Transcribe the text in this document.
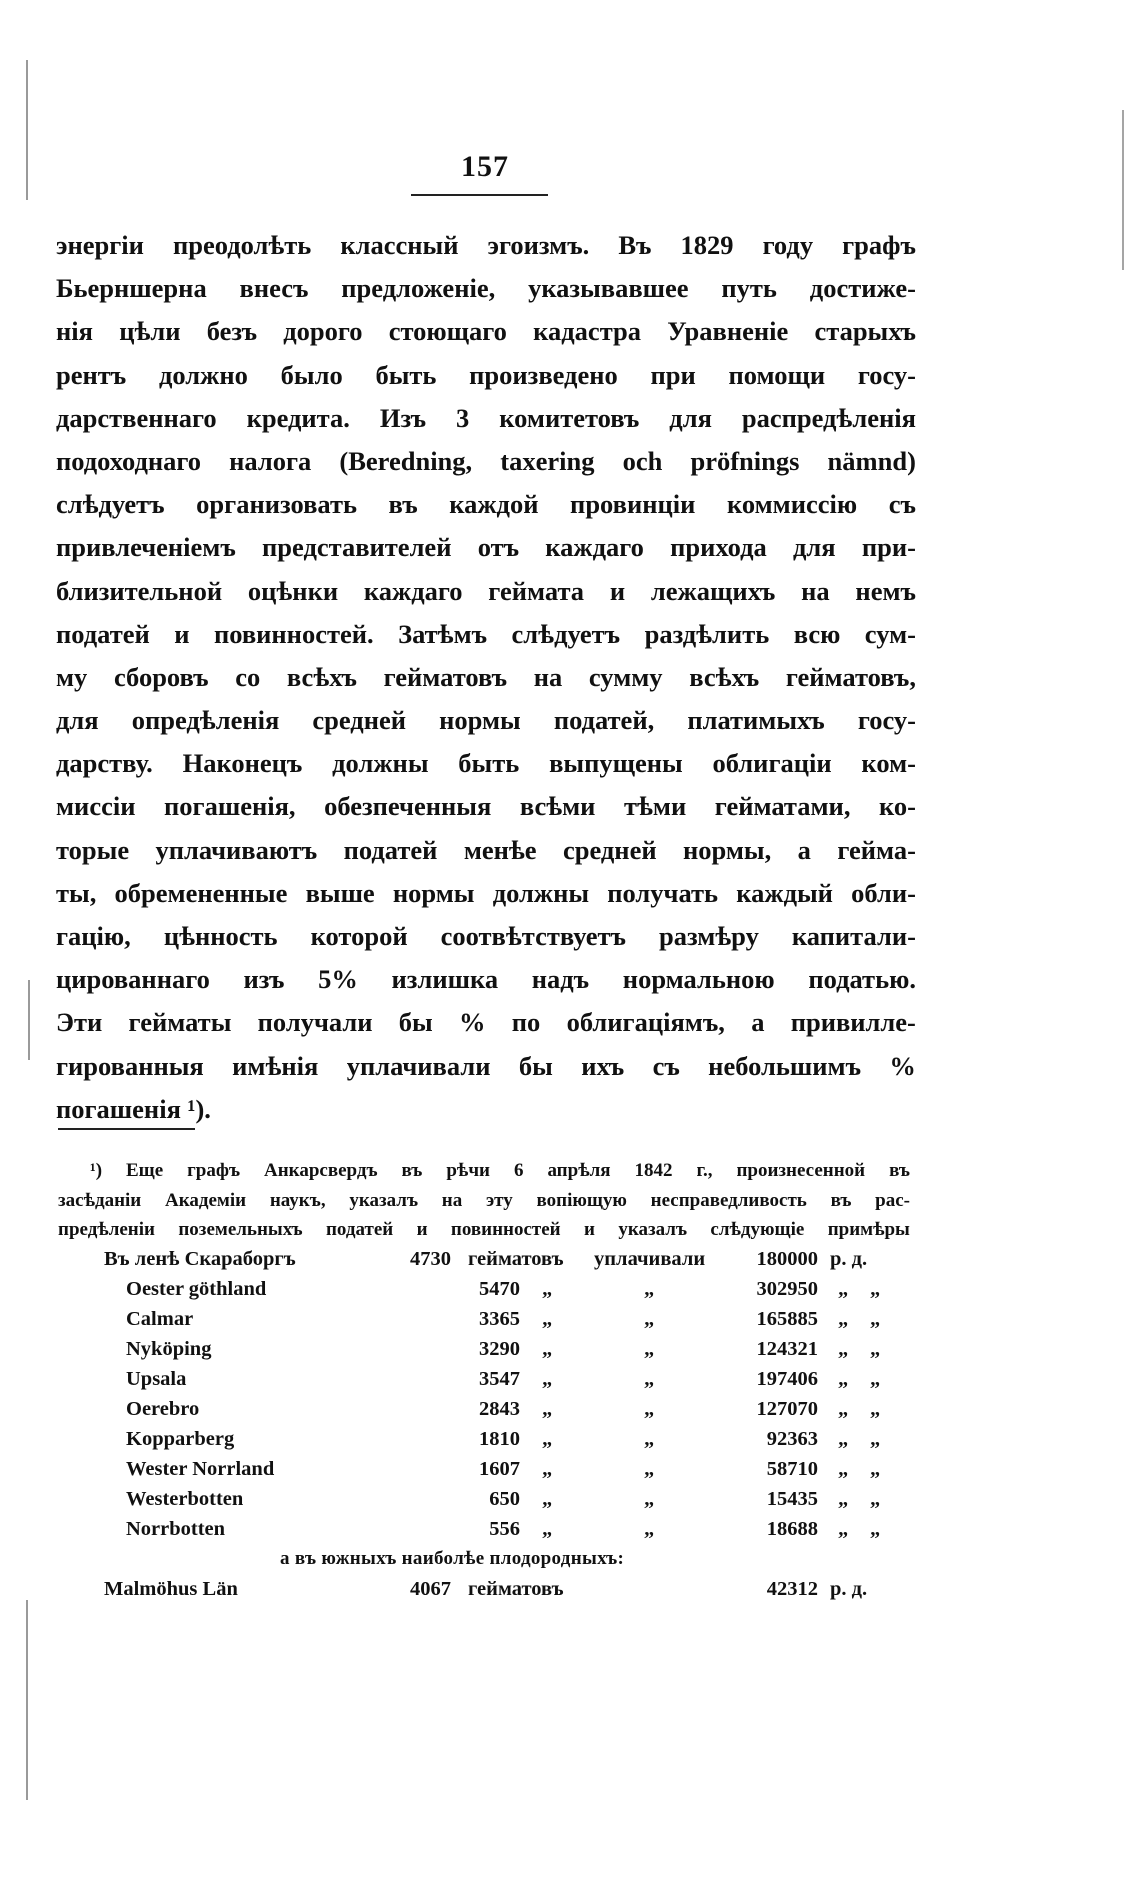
157
энергіи преодолѣть классный эгоизмъ. Въ 1829 году графъ
Бьерншерна внесъ предложеніе, указывавшее путь достиже-
нія цѣли безъ дорого стоющаго кадастра Уравненіе старыхъ
рентъ должно было быть произведено при помощи госу-
дарственнаго кредита. Изъ 3 комитетовъ для распредѣленія
подоходнаго налога (Beredning, taxering och pröfnings nämnd)
слѣдуетъ организовать въ каждой провинціи коммиссію съ
привлеченіемъ представителей отъ каждаго прихода для при-
близительной оцѣнки каждаго геймата и лежащихъ на немъ
податей и повинностей. Затѣмъ слѣдуетъ раздѣлить всю сум-
му сборовъ со всѣхъ гейматовъ на сумму всѣхъ гейматовъ,
для опредѣленія средней нормы податей, платимыхъ госу-
дарству. Наконецъ должны быть выпущены облигаціи ком-
миссіи погашенія, обезпеченныя всѣми тѣми гейматами, ко-
торые уплачиваютъ податей менѣе средней нормы, а гейма-
ты, обремененные выше нормы должны получать каждый обли-
гацію, цѣнность которой соотвѣтствуетъ размѣру капитали-
цированнаго изъ 5% излишка надъ нормальною податью.
Эти гейматы получали бы % по облигаціямъ, а привилле-
гированныя имѣнія уплачивали бы ихъ съ небольшимъ %
погашенія ¹).
¹) Еще графъ Анкарсвердъ въ рѣчи 6 апрѣля 1842 г., произнесенной въ
засѣданіи Академіи наукъ, указалъ на эту вопіющую несправедливость въ рас-
предѣленіи поземельныхъ податей и повинностей и указалъ слѣдующіе примѣры
Въ ленѣ Скараборгъ	4730 гейматовъ уплачивали	180000 р. д.
Oester göthland	5470 „	„	302950 „ „
Calmar	3365 „	„	165885 „ „
Nyköping	3290 „	„	124321 „ „
Upsala	3547 „	„	197406 „ „
Oerebro	2843 „	„	127070 „ „
Kopparberg	1810 „	„	92363 „ „
Wester Norrland	1607 „	„	58710 „ „
Westerbotten	650 „	„	15435 „ „
Norrbotten	556 „	„	18688 „ „
а въ южныхъ наиболѣе плодородныхъ:
Malmöhus Län	4067 гейматовъ	42312 р. д.
